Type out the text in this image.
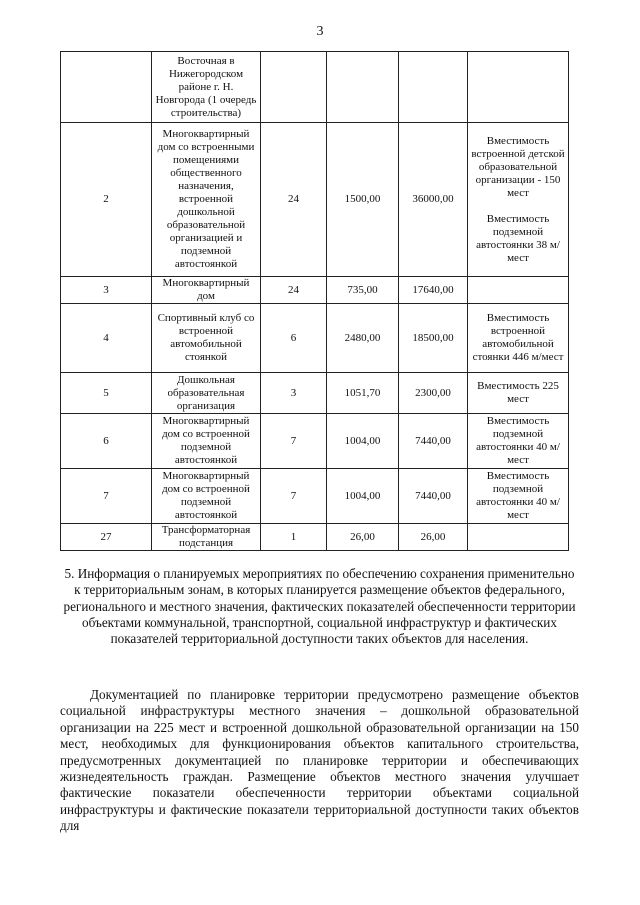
3
	Восточная в Нижегородском районе г. Н. Новгорода (1 очередь строительства)				
2	Многоквартирный дом со встроенными помещениями общественного назначения, встроенной дошкольной образовательной организацией и подземной автостоянкой	24	1500,00	36000,00	Вместимость встроенной детской образовательной организации - 150 мест
Вместимость подземной автостоянки 38 м/мест

3	Многоквартирный дом	24	735,00	17640,00	
4	Спортивный клуб со встроенной автомобильной стоянкой	6	2480,00	18500,00	Вместимость встроенной автомобильной стоянки 446 м/мест
5	Дошкольная образовательная организация	3	1051,70	2300,00	Вместимость 225 мест
6	Многоквартирный дом со встроенной подземной автостоянкой	7	1004,00	7440,00	Вместимость подземной автостоянки 40 м/мест
7	Многоквартирный дом со встроенной подземной автостоянкой	7	1004,00	7440,00	Вместимость подземной автостоянки 40 м/мест
27	Трансформаторная подстанция	1	26,00	26,00	
5. Информация о планируемых мероприятиях по обеспечению сохранения применительно к территориальным зонам, в которых планируется размещение объектов федерального, регионального и местного значения, фактических показателей обеспеченности территории объектами коммунальной, транспортной, социальной инфраструктур и фактических показателей территориальной доступности таких объектов для населения.
Документацией по планировке территории предусмотрено размещение объектов социальной инфраструктуры местного значения – дошкольной образовательной организации на 225 мест и встроенной дошкольной образовательной организации на 150 мест, необходимых для функционирования объектов капитального строительства, предусмотренных документацией по планировке территории и обеспечивающих жизнедеятельность граждан. Размещение объектов местного значения улучшает фактические показатели обеспеченности территории объектами социальной инфраструктуры и фактические показатели территориальной доступности таких объектов для
